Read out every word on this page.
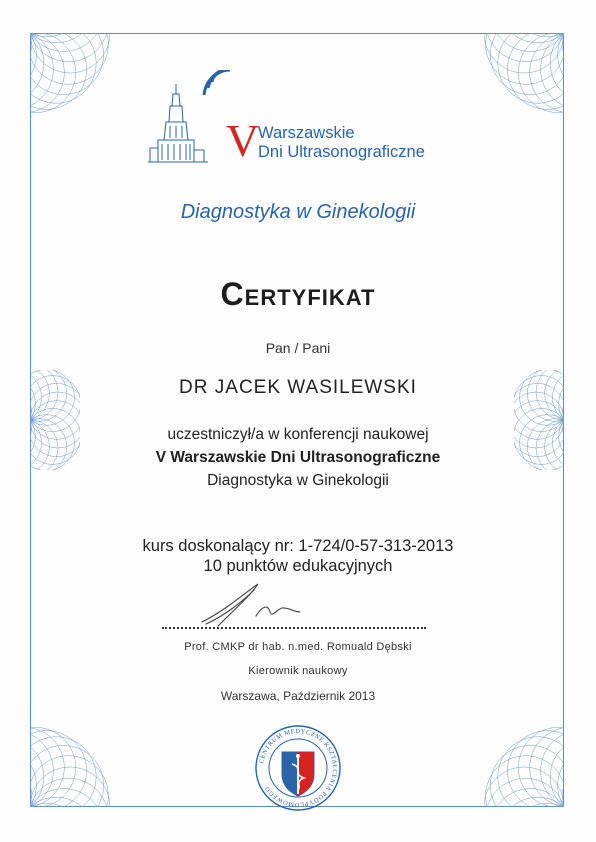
V
Warszawskie
Dni Ultrasonograficzne
Diagnostyka w Ginekologii
Certyfikat
Pan / Pani
DR JACEK WASILEWSKI
uczestniczył/a w konferencji naukowej
V Warszawskie Dni Ultrasonograficzne
Diagnostyka w Ginekologii
kurs doskonalący nr: 1-724/0-57-313-2013
10 punktów edukacyjnych
Prof. CMKP dr hab. n.med. Romuald Dębski
Kierownik naukowy
Warszawa, Październik 2013
CENTRUM MEDYCZNE KSZTAŁCENIA PODYPLOMOWEGO
